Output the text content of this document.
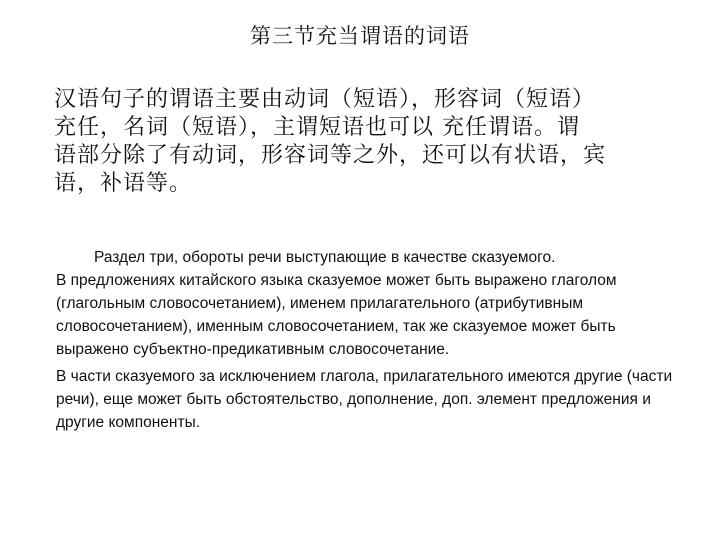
第三节充当谓语的词语
汉语句子的谓语主要由动词（短语），形容词（短语）
充任，名词（短语），主谓短语也可以 充任谓语。谓
语部分除了有动词，形容词等之外，还可以有状语，宾
语，补语等。

Раздел три, обороты речи выступающие в качестве сказуемого.

В предложениях китайского языка сказуемое может быть выражено глаголом (глагольным словосочетанием), именем прилагательного (атрибутивным словосочетанием), именным словосочетанием, так же сказуемое может быть выражено субъектно-предикативным словосочетание.

В части сказуемого за исключением глагола, прилагательного имеются другие (части речи), еще может быть обстоятельство, дополнение, доп. элемент предложения и другие компоненты.
